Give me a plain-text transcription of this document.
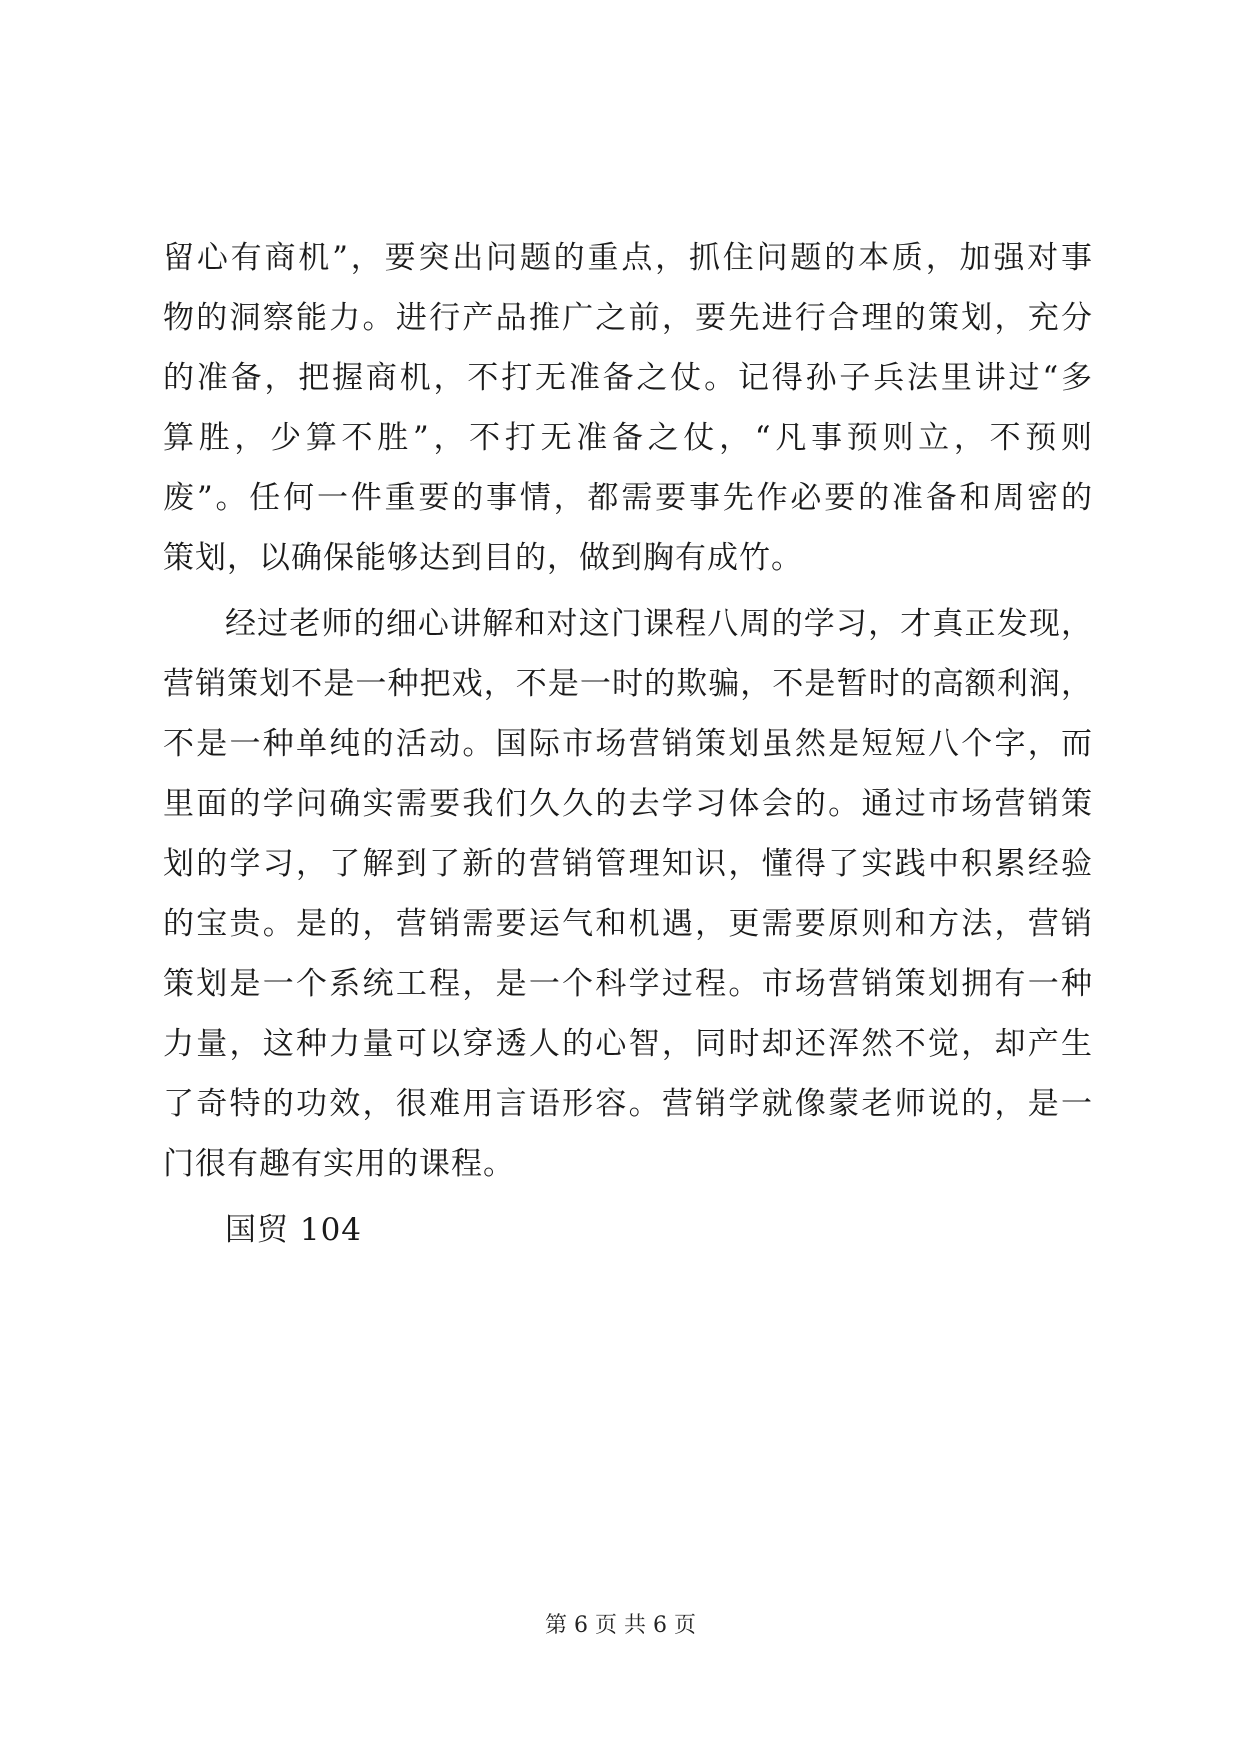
留心有商机”，要突出问题的重点，抓住问题的本质，加强对事
物的洞察能力。进行产品推广之前，要先进行合理的策划，充分
的准备，把握商机，不打无准备之仗。记得孙子兵法里讲过“多
算胜，少算不胜”，不打无准备之仗，“凡事预则立，不预则
废”。任何一件重要的事情，都需要事先作必要的准备和周密的
策划，以确保能够达到目的，做到胸有成竹。
经过老师的细心讲解和对这门课程八周的学习，才真正发现，
营销策划不是一种把戏，不是一时的欺骗，不是暂时的高额利润，
不是一种单纯的活动。国际市场营销策划虽然是短短八个字，而
里面的学问确实需要我们久久的去学习体会的。通过市场营销策
划的学习，了解到了新的营销管理知识，懂得了实践中积累经验
的宝贵。是的，营销需要运气和机遇，更需要原则和方法，营销
策划是一个系统工程，是一个科学过程。市场营销策划拥有一种
力量，这种力量可以穿透人的心智，同时却还浑然不觉，却产生
了奇特的功效，很难用言语形容。营销学就像蒙老师说的，是一
门很有趣有实用的课程。
国贸 104
第 6 页 共 6 页
